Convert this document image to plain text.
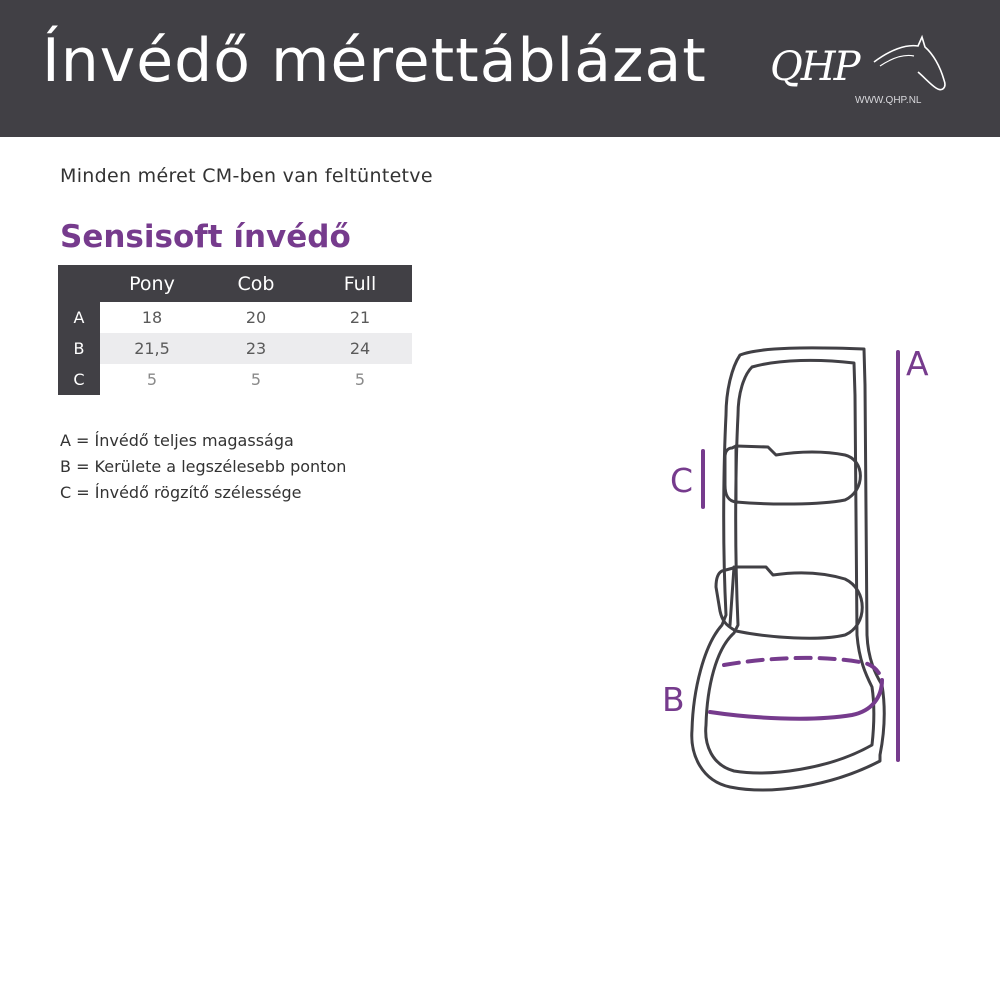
Ínvédő mérettáblázat QHP
WWW.QHP.NL
Minden méret CM-ben van feltüntetve
Sensisoft ínvédő
	Pony	Cob	Full
A	18	20	21
B	21,5	23	24
C	5	5	5
A = Ínvédő teljes magassága
B = Kerülete a legszélesebb ponton
C = Ínvédő rögzítő szélessége
A
C
B
